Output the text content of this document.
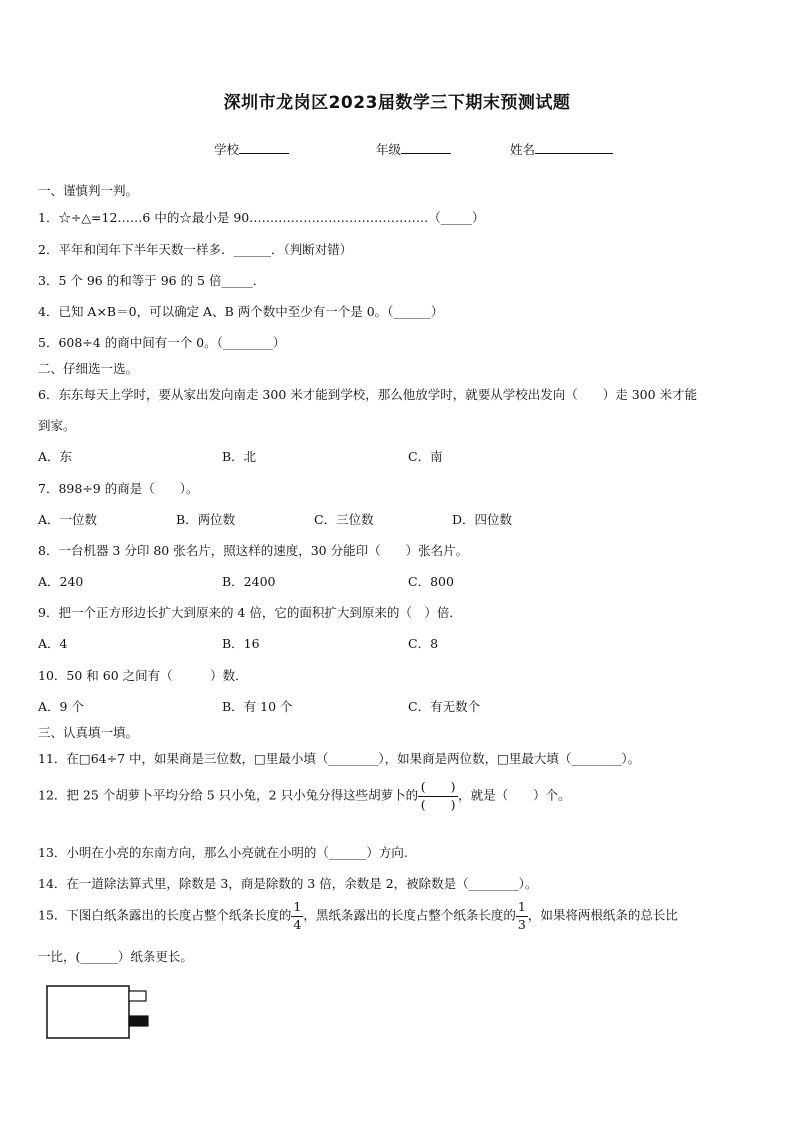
深圳市龙岗区2023届数学三下期末预测试题
学校	年级	姓名
一、谨慎判一判。
1．☆÷△=12……6 中的☆最小是 90.……………………………………（_____）
2．平年和闰年下半年天数一样多．______．（判断对错）
3．5 个 96 的和等于 96 的 5 倍_____．
4．已知 A×B＝0，可以确定 A、B 两个数中至少有一个是 0。（______）
5．608÷4 的商中间有一个 0。（________）
二、仔细选一选。
6．东东每天上学时，要从家出发向南走 300 米才能到学校，那么他放学时，就要从学校出发向（　　）走 300 米才能
到家。
A．东	B．北	C．南
7．898÷9 的商是（　　）。
A．一位数	B．两位数	C．三位数	D．四位数
8．一台机器 3 分印 80 张名片，照这样的速度，30 分能印（　　）张名片。
A．240	B．2400	C．800
9．把一个正方形边长扩大到原来的 4 倍，它的面积扩大到原来的（　）倍．
A．4	B．16	C．8
10．50 和 60 之间有（　　　）数．
A．9 个	B．有 10 个	C．有无数个
三、认真填一填。
11．在□64÷7 中，如果商是三位数，□里最小填（________），如果商是两位数，□里最大填（________）。
12．把 25 个胡萝卜平均分给 5 只小兔，2 只小兔分得这些胡萝卜的 $\frac{( )}{( )}$ ，就是（　　）个。
13．小明在小亮的东南方向，那么小亮就在小明的（______）方向.
14．在一道除法算式里，除数是 3，商是除数的 3 倍，余数是 2，被除数是（________）。
15．下图白纸条露出的长度占整个纸条长度的 $\frac{1}{4}$ ，黑纸条露出的长度占整个纸条长度的 $\frac{1}{3}$ ，如果将两根纸条的总长比
一比，(______）纸条更长。
